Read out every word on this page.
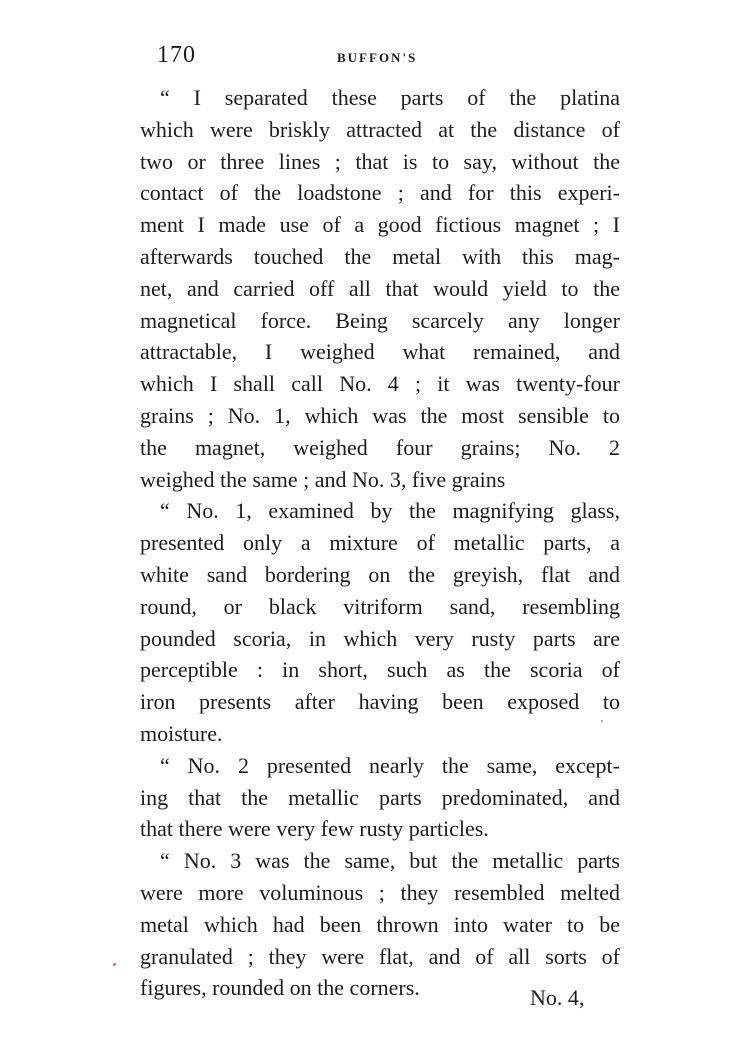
170	BUFFON'S
“ I separated these parts of the platina
which were briskly attracted at the distance of
two or three lines ; that is to say, without the
contact of the loadstone ; and for this experi-
ment I made use of a good fictious magnet ; I
afterwards touched the metal with this mag-
net, and carried off all that would yield to the
magnetical force. Being scarcely any longer
attractable, I weighed what remained, and
which I shall call No. 4 ; it was twenty-four
grains ; No. 1, which was the most sensible to
the magnet, weighed four grains; No. 2
weighed the same ; and No. 3, five grains
“ No. 1, examined by the magnifying glass,
presented only a mixture of metallic parts, a
white sand bordering on the greyish, flat and
round, or black vitriform sand, resembling
pounded scoria, in which very rusty parts are
perceptible : in short, such as the scoria of
iron presents after having been exposed to
moisture.
“ No. 2 presented nearly the same, except-
ing that the metallic parts predominated, and
that there were very few rusty particles.
“ No. 3 was the same, but the metallic parts
were more voluminous ; they resembled melted
metal which had been thrown into water to be
granulated ; they were flat, and of all sorts of
figures, rounded on the corners.	No. 4,
